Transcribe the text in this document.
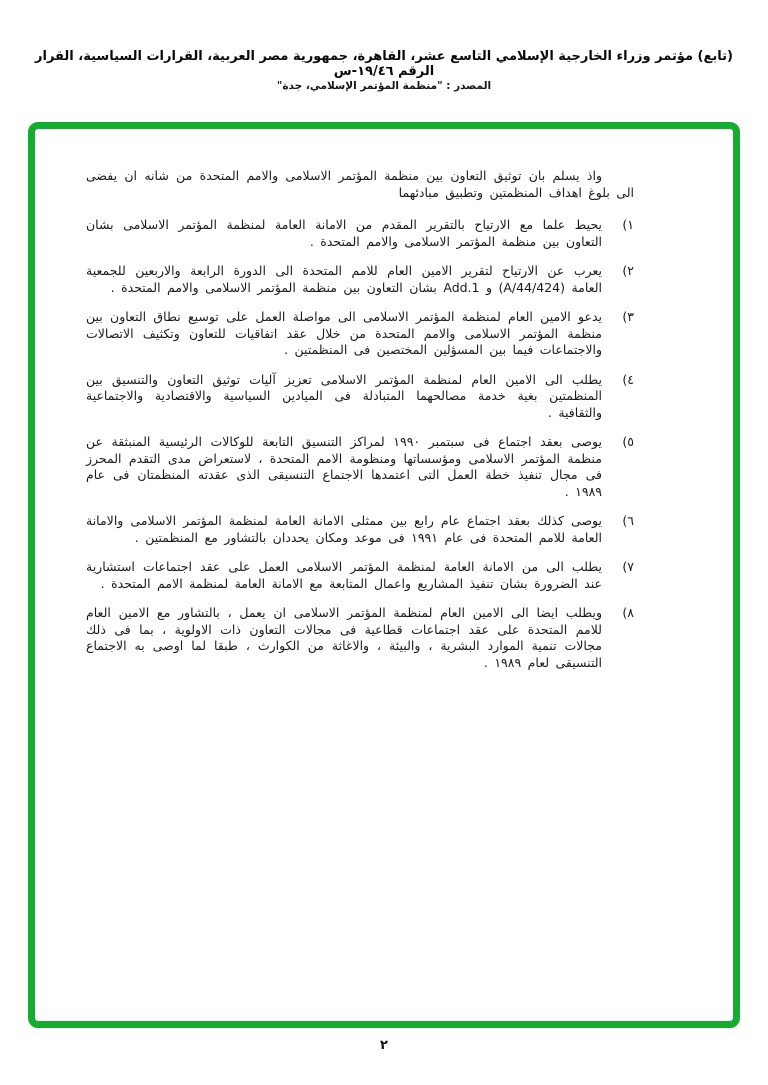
(تابع) مؤتمر وزراء الخارجية الإسلامي التاسع عشر، القاهرة، جمهورية مصر العربية، القرارات السياسية، القرار الرقم ١٩/٤٦-س
المصدر : "منظمة المؤتمر الإسلامي، جدة"

واذ يسلم بان توثيق التعاون بين منظمة المؤتمر الاسلامى والامم المتحدة من شانه ان يفضى الى بلوغ اهداف المنظمتين وتطبيق مبادئهما

١)

يحيط علما مع الارتياح بالتقرير المقدم من الامانة العامة لمنظمة المؤتمر الاسلامى بشان التعاون بين منظمة المؤتمر الاسلامى والامم المتحدة .

٢)

يعرب عن الارتياح لتقرير الامين العام للامم المتحدة الى الدورة الرابعة والاربعين للجمعية العامة (A/44/424) و Add.1 بشان التعاون بين منظمة المؤتمر الاسلامى والامم المتحدة .

٣)

يدعو الامين العام لمنظمة المؤتمر الاسلامى الى مواصلة العمل على توسيع نطاق التعاون بين منظمة المؤتمر الاسلامى والامم المتحدة من خلال عقد اتفاقيات للتعاون وتكثيف الاتصالات والاجتماعات فيما بين المسؤلين المختصين فى المنظمتين .

٤)

يطلب الى الامين العام لمنظمة المؤتمر الاسلامى تعزيز آليات توثيق التعاون والتنسيق بين المنظمتين بغية خدمة مصالحهما المتبادلة فى الميادين السياسية والاقتصادية والاجتماعية والثقافية .

٥)

يوصى بعقد اجتماع فى سبتمبر ١٩٩٠ لمراكز التنسيق التابعة للوكالات الرئيسية المنبثقة عن منظمة المؤتمر الاسلامى ومؤسساتها ومنظومة الامم المتحدة ، لاستعراض مدى التقدم المحرز فى مجال تنفيذ خطة العمل التى اعتمدها الاجتماع التنسيقى الذى عقدته المنظمتان فى عام ١٩٨٩ .

٦)

يوصى كذلك بعقد اجتماع عام رابع بين ممثلى الامانة العامة لمنظمة المؤتمر الاسلامى والامانة العامة للامم المتحدة فى عام ١٩٩١ فى موعد ومكان يحددان بالتشاور مع المنظمتين .

٧)

يطلب الى من الامانة العامة لمنظمة المؤتمر الاسلامى العمل على عقد اجتماعات استشارية عند الضرورة بشان تنفيذ المشاريع واعمال المتابعة مع الامانة العامة لمنظمة الامم المتحدة .

٨)

ويطلب ايضا الى الامين العام لمنظمة المؤتمر الاسلامى ان يعمل ، بالتشاور مع الامين العام للامم المتحدة على عقد اجتماعات قطاعية فى مجالات التعاون ذات الاولوية ، بما فى ذلك مجالات تنمية الموارد البشرية ، والبيئة ، والاغاثة من الكوارث ، طبقا لما اوصى به الاجتماع التنسيقى لعام ١٩٨٩ .

٢
